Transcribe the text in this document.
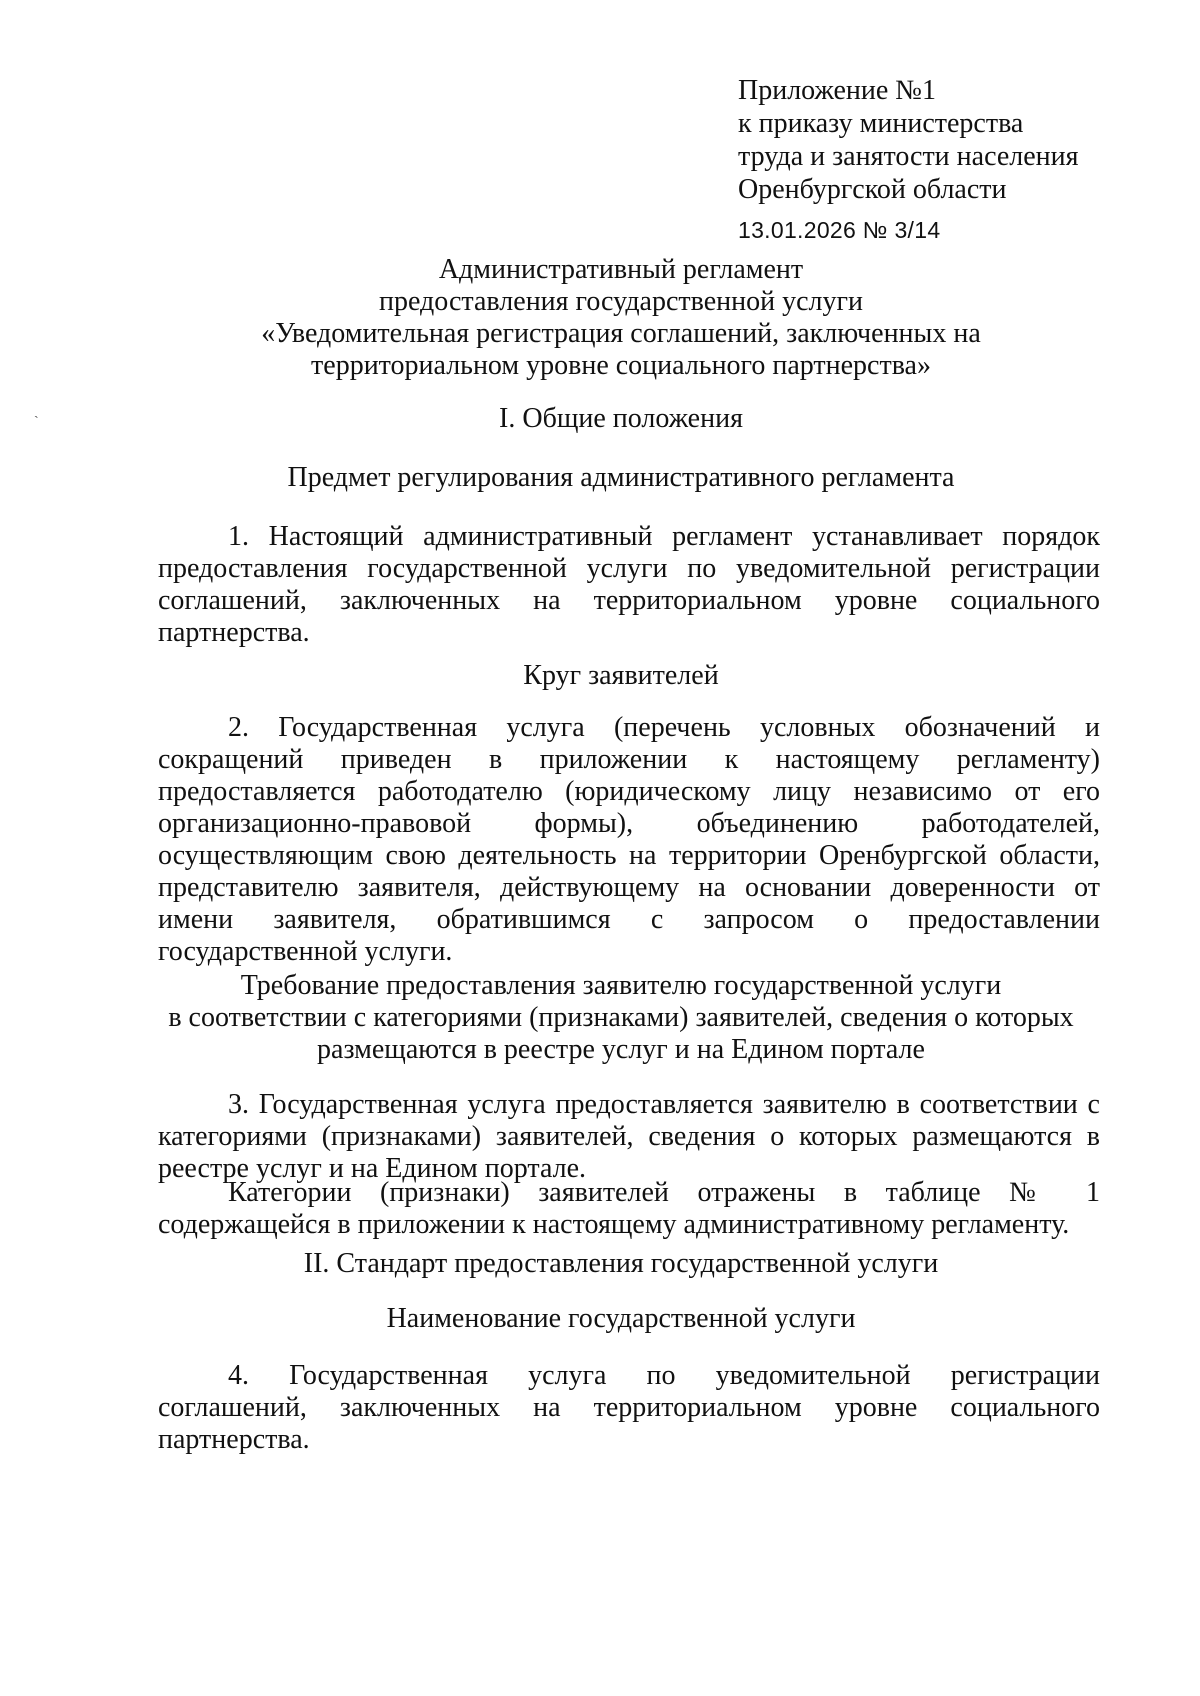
ˏ
Приложение №1
к приказу министерства
труда и занятости населения
Оренбургской области
13.01.2026 № 3/14
Административный регламент
предоставления государственной услуги
«Уведомительная регистрация соглашений, заключенных на
территориальном уровне социального партнерства»
I. Общие положения
Предмет регулирования административного регламента
1. Настоящий административный регламент устанавливает порядок
предоставления государственной услуги по уведомительной регистрации
соглашений, заключенных на территориальном уровне социального
партнерства.
Круг заявителей
2. Государственная услуга (перечень условных обозначений и
сокращений приведен в приложении к настоящему регламенту)
предоставляется работодателю (юридическому лицу независимо от его
организационно-правовой формы), объединению работодателей,
осуществляющим свою деятельность на территории Оренбургской области,
представителю заявителя, действующему на основании доверенности от
имени заявителя, обратившимся с запросом о предоставлении
государственной услуги.
Требование предоставления заявителю государственной услуги
в соответствии с категориями (признаками) заявителей, сведения о которых
размещаются в реестре услуг и на Едином портале
3. Государственная услуга предоставляется заявителю в соответствии с
категориями (признаками) заявителей, сведения о которых размещаются в
реестре услуг и на Едином портале.
Категории (признаки) заявителей отражены в таблице № 1
содержащейся в приложении к настоящему административному регламенту.
II. Стандарт предоставления государственной услуги
Наименование государственной услуги
4. Государственная услуга по уведомительной регистрации
соглашений, заключенных на территориальном уровне социального
партнерства.
